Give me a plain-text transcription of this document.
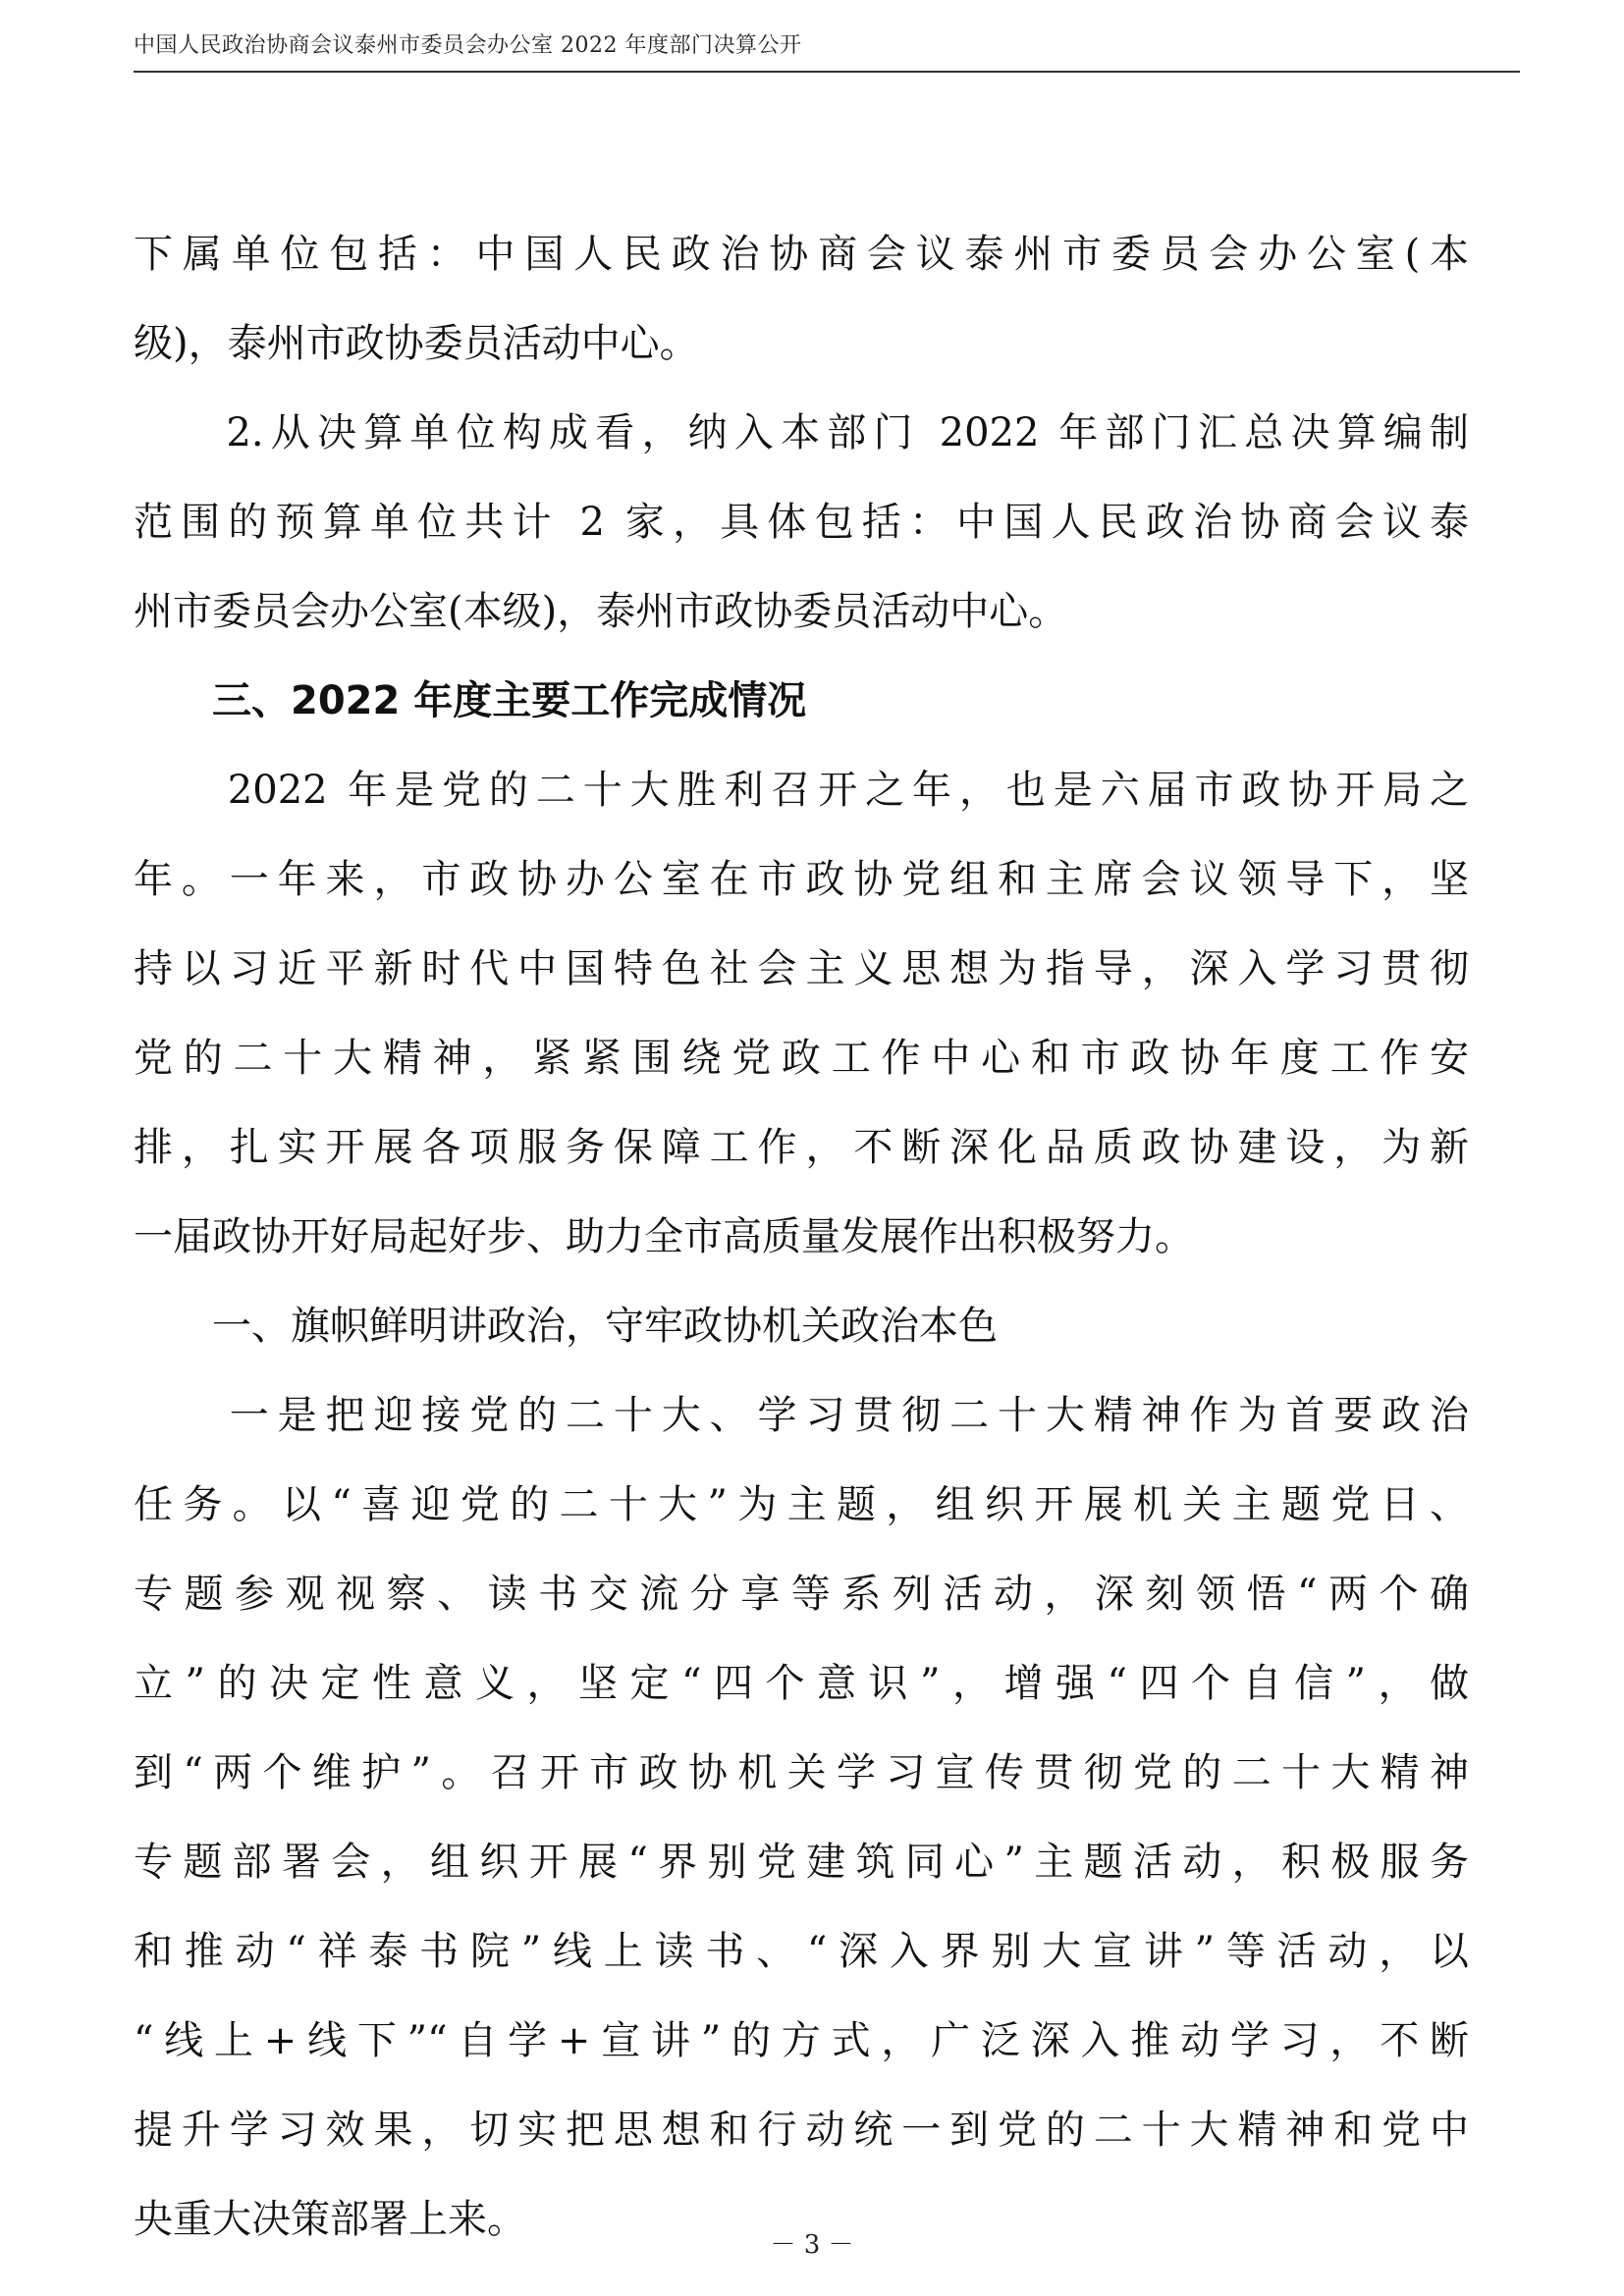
中国人民政治协商会议泰州市委员会办公室 2022 年度部门决算公开
下属单位包括：中国人民政治协商会议泰州市委员会办公室(本
级)，泰州市政协委员活动中心。
　　2.从决算单位构成看，纳入本部门 2022 年部门汇总决算编制
范围的预算单位共计 2 家，具体包括：中国人民政治协商会议泰
州市委员会办公室(本级)，泰州市政协委员活动中心。
　　三、2022 年度主要工作完成情况
　　2022 年是党的二十大胜利召开之年，也是六届市政协开局之
年。一年来，市政协办公室在市政协党组和主席会议领导下，坚
持以习近平新时代中国特色社会主义思想为指导，深入学习贯彻
党的二十大精神，紧紧围绕党政工作中心和市政协年度工作安
排，扎实开展各项服务保障工作，不断深化品质政协建设，为新
一届政协开好局起好步、助力全市高质量发展作出积极努力。
　　一、旗帜鲜明讲政治，守牢政协机关政治本色
　　一是把迎接党的二十大、学习贯彻二十大精神作为首要政治
任务。以“喜迎党的二十大”为主题，组织开展机关主题党日、
专题参观视察、读书交流分享等系列活动，深刻领悟“两个确
立”的决定性意义，坚定“四个意识”，增强“四个自信”，做
到“两个维护”。召开市政协机关学习宣传贯彻党的二十大精神
专题部署会，组织开展“界别党建筑同心”主题活动，积极服务
和推动“祥泰书院”线上读书、“深入界别大宣讲”等活动，以
“线上+线下”“自学+宣讲”的方式，广泛深入推动学习，不断
提升学习效果，切实把思想和行动统一到党的二十大精神和党中
央重大决策部署上来。
－ 3 －
